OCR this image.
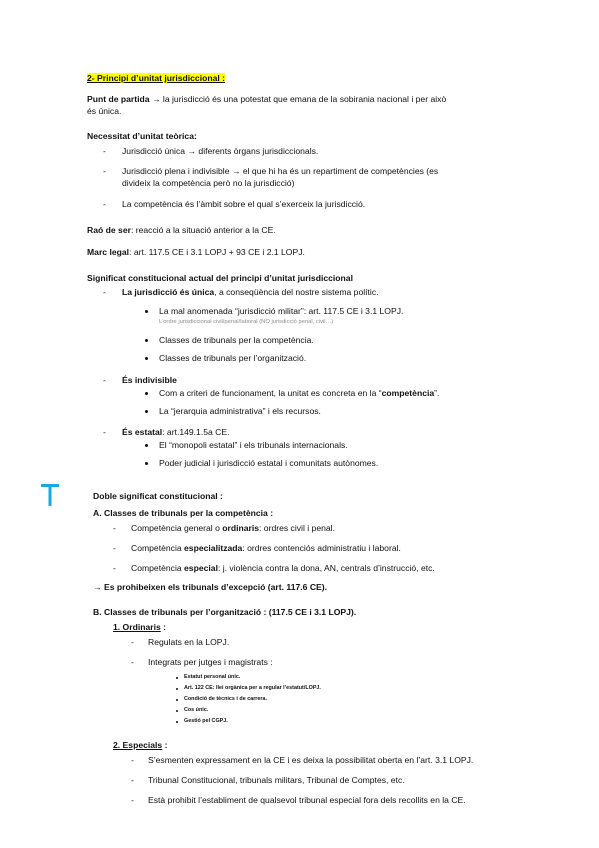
2- Principi d’unitat jurisdiccional :
Punt de partida → la jurisdicció és una potestat que emana de la sobirania nacional i per això
és única.
Necessitat d’unitat teòrica:
- Jurisdicció única → diferents òrgans jurisdiccionals.
- Jurisdicció plena i indivisible → el que hi ha és un repartiment de competències (es
divideix la competència però no la jurisdicció)
- La competència és l’àmbit sobre el qual s’exerceix la jurisdicció.
Raó de ser: reacció a la situació anterior a la CE.
Marc legal: art. 117.5 CE i 3.1 LOPJ + 93 CE i 2.1 LOPJ.
Significat constitucional actual del principi d’unitat jurisdiccional
- La jurisdicció és única, a conseqüència del nostre sistema polític.
La mal anomenada “jurisdicció militar”: art. 117.5 CE i 3.1 LOPJ.
L’ordre jurisdiccional civil/penal/laboral (NO jurisdicció penal, civil…)
Classes de tribunals per la competència.
Classes de tribunals per l’organització.
- És indivisible
Com a criteri de funcionament, la unitat es concreta en la “competència”.
La “jerarquia administrativa” i els recursos.
- És estatal: art.149.1.5a CE.
El “monopoli estatal” i els tribunals internacionals.
Poder judicial i jurisdicció estatal i comunitats autònomes.
Doble significat constitucional :
A. Classes de tribunals per la competència :
- Competència general o ordinaris: ordres civil i penal.
- Competència especialitzada: ordres contenciós administratiu i laboral.
- Competència especial: j. violència contra la dona, AN, centrals d’instrucció, etc.
→ Es prohibeixen els tribunals d’excepció (art. 117.6 CE).
B. Classes de tribunals per l’organització : (117.5 CE i 3.1 LOPJ).
1. Ordinaris :
- Regulats en la LOPJ.
- Integrats per jutges i magistrats :
Estatut personal únic.
Art. 122 CE: llei orgànica per a regular l’estatut/LOPJ.
Condició de tècnics i de carrera.
Cos únic.
Gestió pel CGPJ.
2. Especials :
- S’esmenten expressament en la CE i es deixa la possibilitat oberta en l’art. 3.1 LOPJ.
- Tribunal Constitucional, tribunals militars, Tribunal de Comptes, etc.
- Està prohibit l’establiment de qualsevol tribunal especial fora dels recollits en la CE.
